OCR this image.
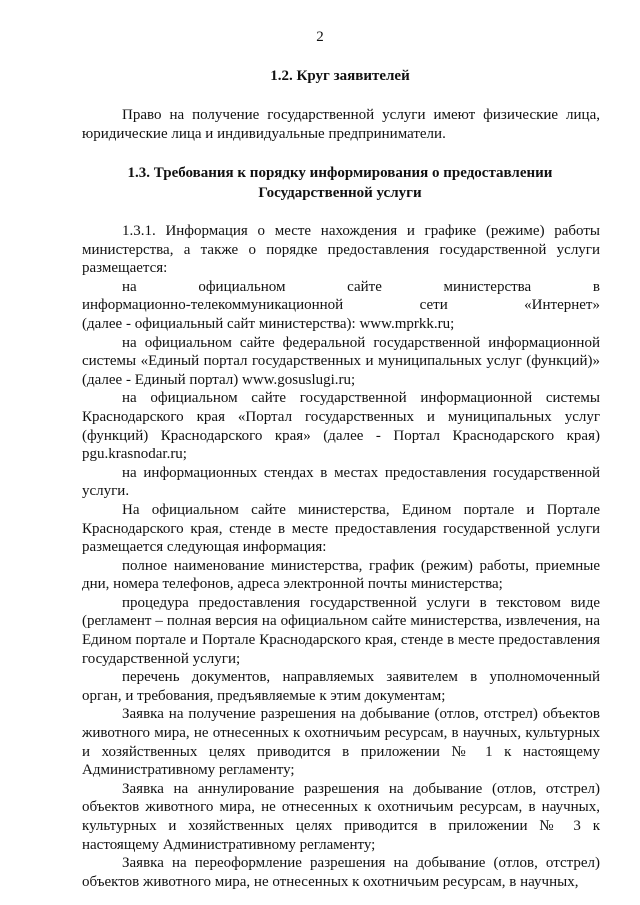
2
1.2. Круг заявителей

Право на получение государственной услуги имеют физические лица, юридические лица и индивидуальные предприниматели.

1.3. Требования к порядку информирования о предоставлении
Государственной услуги

1.3.1. Информация о месте нахождения и графике (режиме) работы министерства, а также о порядке предоставления государственной услуги размещается:

на	официальном	сайте	министерства	в
информационно-телекоммуникационной	сети	«Интернет»
(далее - официальный сайт министерства): www.mprkk.ru;

на официальном сайте федеральной государственной информационной системы «Единый портал государственных и муниципальных услуг (функций)» (далее - Единый портал) www.gosuslugi.ru;

на официальном сайте государственной информационной системы Краснодарского края «Портал государственных и муниципальных услуг (функций) Краснодарского края» (далее - Портал Краснодарского края) pgu.krasnodar.ru;

на информационных стендах в местах предоставления государственной услуги.

На официальном сайте министерства, Едином портале и Портале Краснодарского края, стенде в месте предоставления государственной услуги размещается следующая информация:

полное наименование министерства, график (режим) работы, приемные дни, номера телефонов, адреса электронной почты министерства;

процедура предоставления государственной услуги в текстовом виде (регламент – полная версия на официальном сайте министерства, извлечения, на Едином портале и Портале Краснодарского края, стенде в месте предоставления государственной услуги;

перечень документов, направляемых заявителем в уполномоченный орган, и требования, предъявляемые к этим документам;

Заявка на получение разрешения на добывание (отлов, отстрел) объектов животного мира, не отнесенных к охотничьим ресурсам, в научных, культурных и хозяйственных целях приводится в приложении № 1 к настоящему Административному регламенту;

Заявка на аннулирование разрешения на добывание (отлов, отстрел) объектов животного мира, не отнесенных к охотничьим ресурсам, в научных, культурных и хозяйственных целях приводится в приложении № 3 к настоящему Административному регламенту;

Заявка на переоформление разрешения на добывание (отлов, отстрел) объектов животного мира, не отнесенных к охотничьим ресурсам, в научных,
